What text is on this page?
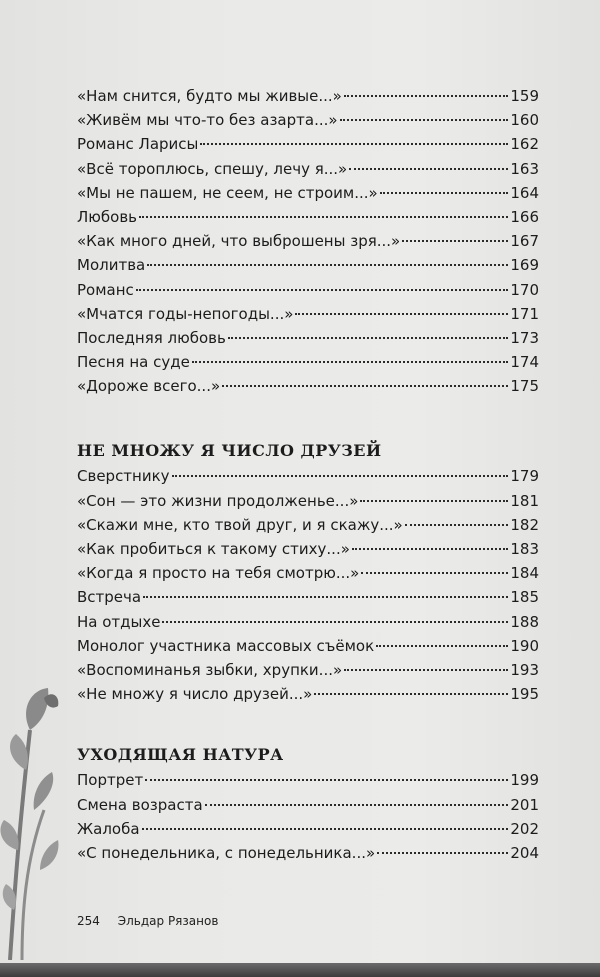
«Нам снится, будто мы живые...»	159
«Живём мы что-то без азарта...»	160
Романс Ларисы	162
«Всё тороплюсь, спешу, лечу я...»	163
«Мы не пашем, не сеем, не строим...»	164
Любовь	166
«Как много дней, что выброшены зря...»	167
Молитва	169
Романс	170
«Мчатся годы-непогоды...»	171
Последняя любовь	173
Песня на суде	174
«Дороже всего...»	175
НЕ МНОЖУ Я ЧИСЛО ДРУЗЕЙ
Сверстнику	179
«Сон — это жизни продолженье...»	181
«Скажи мне, кто твой друг, и я скажу...»	182
«Как пробиться к такому стиху...»	183
«Когда я просто на тебя смотрю...»	184
Встреча	185
На отдыхе	188
Монолог участника массовых съёмок	190
«Воспоминанья зыбки, хрупки...»	193
«Не множу я число друзей...»	195
УХОДЯЩАЯ НАТУРА
Портрет	199
Смена возраста	201
Жалоба	202
«С понедельника, с понедельника...»	204
254 Эльдар Рязанов
